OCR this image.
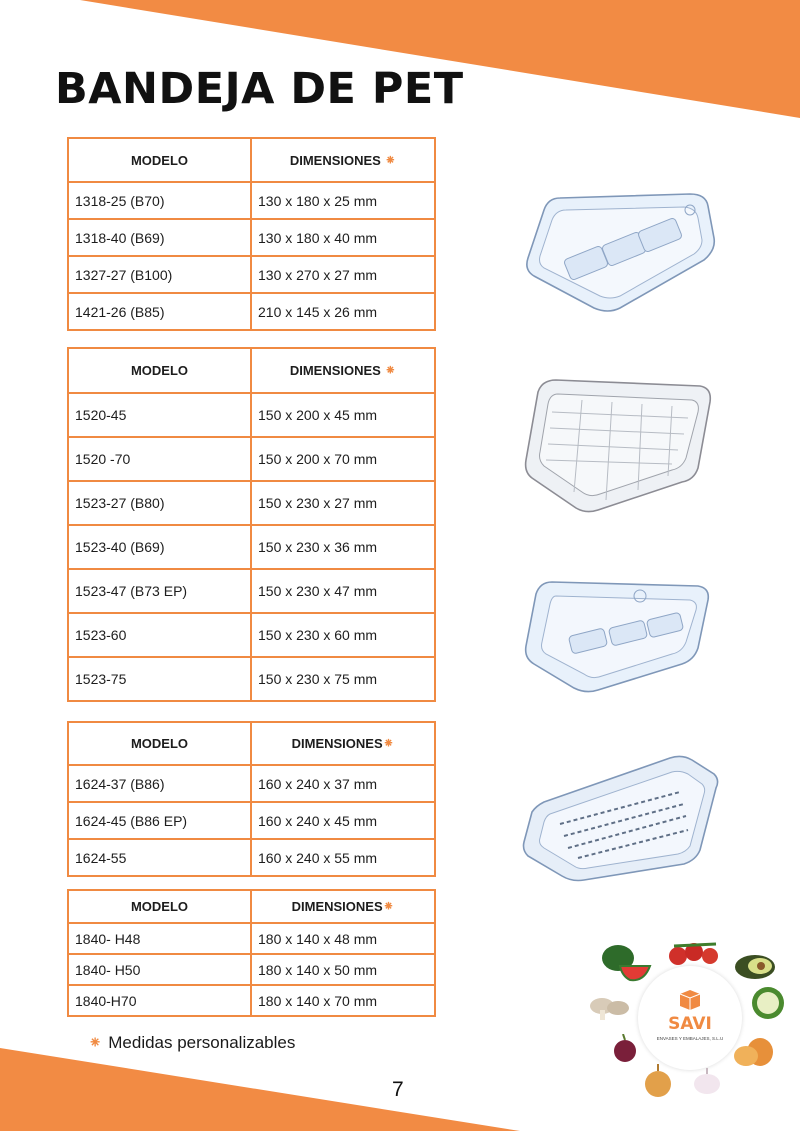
BANDEJA DE PET
MODELO	DIMENSIONES ⁕
1318-25 (B70)	130 x 180 x 25 mm
1318-40 (B69)	130 x 180 x 40 mm
1327-27 (B100)	130 x 270 x 27 mm
1421-26 (B85)	210 x 145 x 26 mm
MODELO	DIMENSIONES ⁕
1520-45	150 x 200 x 45 mm
1520 -70	150 x 200 x 70 mm
1523-27 (B80)	150 x 230 x 27 mm
1523-40 (B69)	150 x 230 x 36 mm
1523-47 (B73 EP)	150 x 230 x 47 mm
1523-60	150 x 230 x 60 mm
1523-75	150 x 230 x 75 mm
MODELO	DIMENSIONES⁕
1624-37 (B86)	160 x 240 x 37 mm
1624-45 (B86 EP)	160 x 240 x 45 mm
1624-55	160 x 240 x 55 mm
MODELO	DIMENSIONES⁕
1840- H48	180 x 140 x 48 mm
1840- H50	180 x 140 x 50 mm
1840-H70	180 x 140 x 70 mm
⁕ Medidas personalizables
7
SAVI
ENVASES Y EMBALAJES, S.L.U
